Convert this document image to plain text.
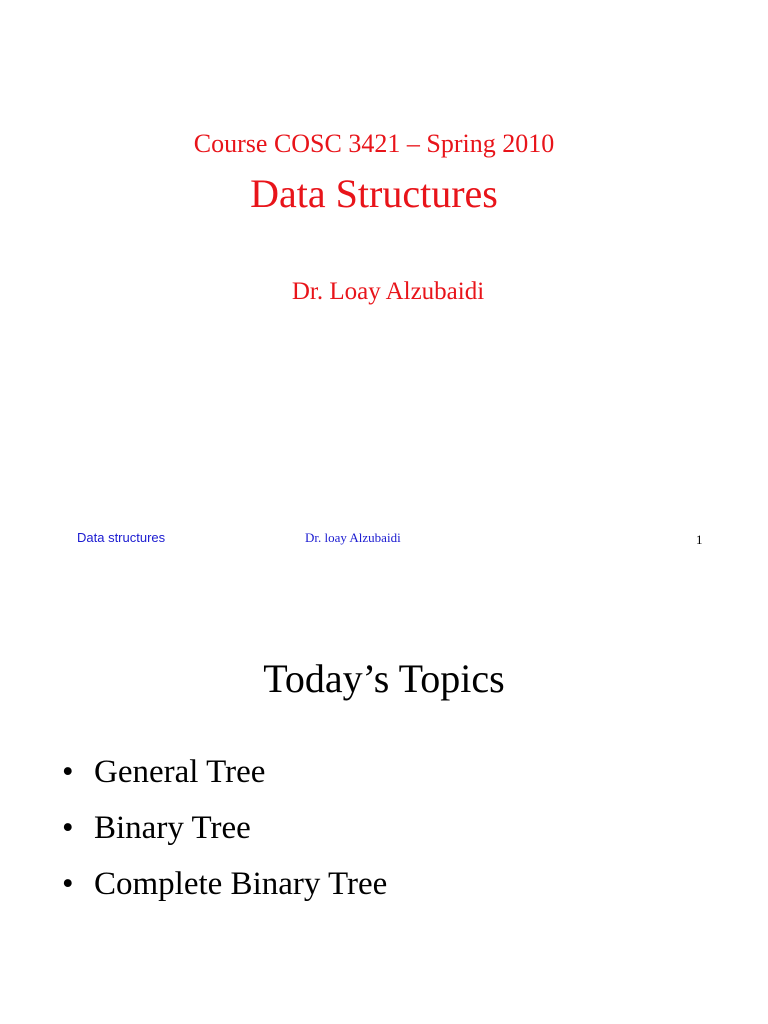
Course COSC 3421 – Spring 2010
Data Structures
Dr. Loay Alzubaidi
Data structures	Dr. loay Alzubaidi	1
Today’s Topics
• General Tree
• Binary Tree
• Complete Binary Tree
